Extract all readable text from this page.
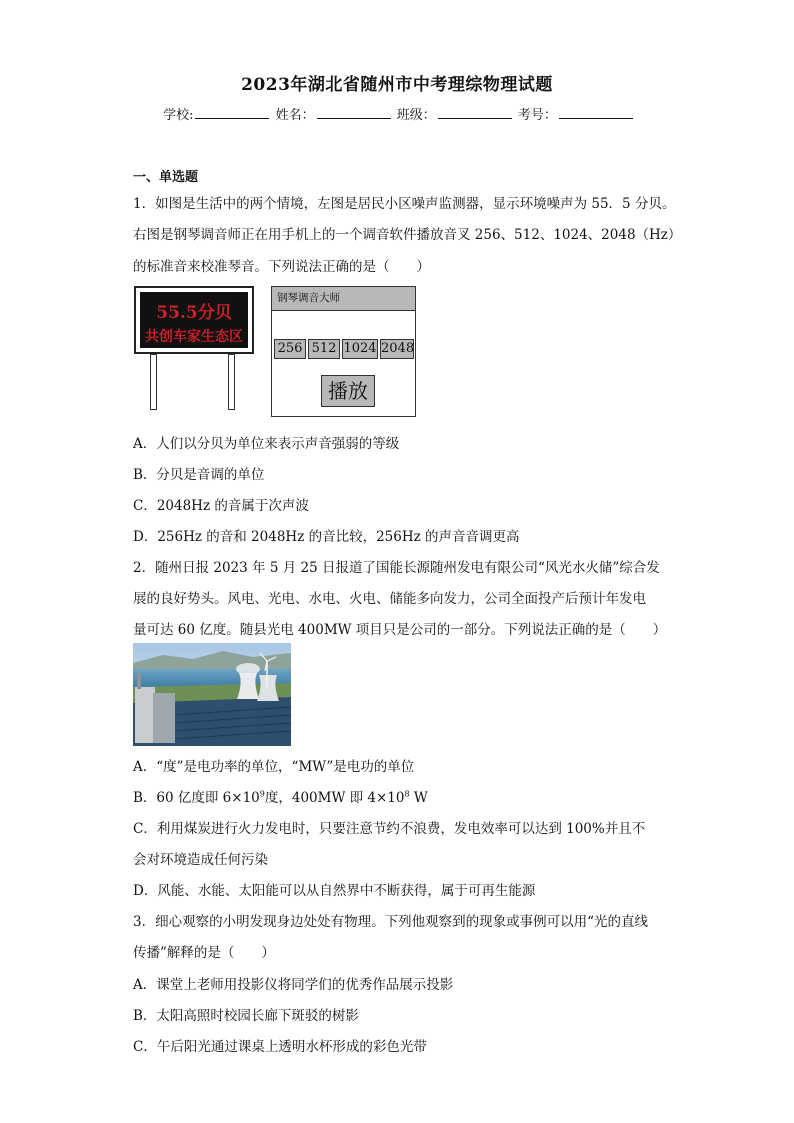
2023年湖北省随州市中考理综物理试题
学校:	姓名：	班级：	考号：
一、单选题
1．如图是生活中的两个情境，左图是居民小区噪声监测器，显示环境噪声为 55．5 分贝。
右图是钢琴调音师正在用手机上的一个调音软件播放音叉 256、512、1024、2048（Hz）
的标准音来校准琴音。下列说法正确的是（　　）
55.5分贝
共创车家生态区
钢琴调音大师
256 512 1024 2048
播放
A．人们以分贝为单位来表示声音强弱的等级
B．分贝是音调的单位
C．2048Hz 的音属于次声波
D．256Hz 的音和 2048Hz 的音比较，256Hz 的声音音调更高
2．随州日报 2023 年 5 月 25 日报道了国能长源随州发电有限公司“风光水火储”综合发
展的良好势头。风电、光电、水电、火电、储能多向发力，公司全面投产后预计年发电
量可达 60 亿度。随县光电 400MW 项目只是公司的一部分。下列说法正确的是（　　）
A．“度”是电功率的单位，“MW”是电功的单位
B．60 亿度即 $6\times 10^9$度，400MW 即 $4\times 10^8$ W
C．利用煤炭进行火力发电时，只要注意节约不浪费，发电效率可以达到 100%并且不
会对环境造成任何污染
D．风能、水能、太阳能可以从自然界中不断获得，属于可再生能源
3．细心观察的小明发现身边处处有物理。下列他观察到的现象或事例可以用“光的直线
传播”解释的是（　　）
A．课堂上老师用投影仪将同学们的优秀作品展示投影
B．太阳高照时校园长廊下斑驳的树影
C．午后阳光通过课桌上透明水杯形成的彩色光带
